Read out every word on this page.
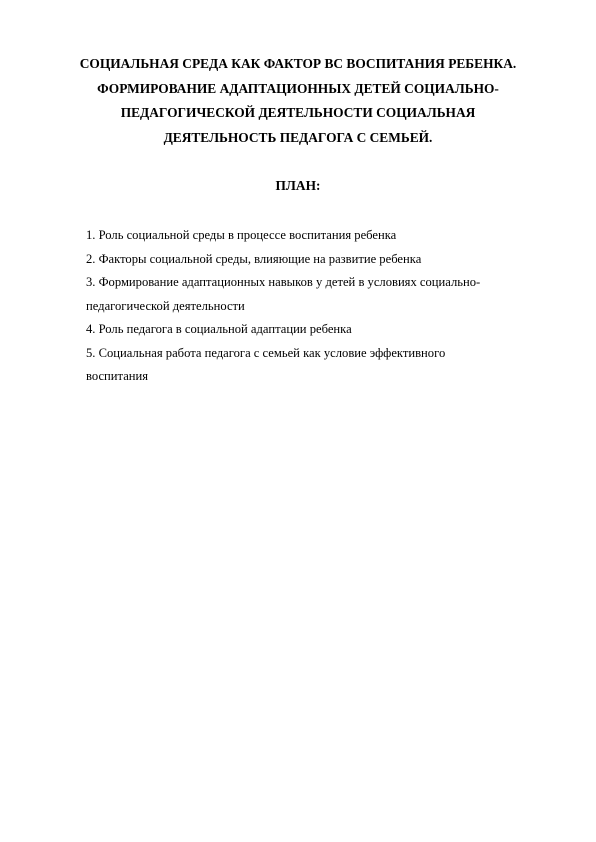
СОЦИАЛЬНАЯ СРЕДА КАК ФАКТОР ВС ВОСПИТАНИЯ РЕБЕНКА.
ФОРМИРОВАНИЕ АДАПТАЦИОННЫХ ДЕТЕЙ СОЦИАЛЬНО-
ПЕДАГОГИЧЕСКОЙ ДЕЯТЕЛЬНОСТИ СОЦИАЛЬНАЯ
ДЕЯТЕЛЬНОСТЬ ПЕДАГОГА С СЕМЬЕЙ.
ПЛАН:
1. Роль социальной среды в процессе воспитания ребенка
2. Факторы социальной среды, влияющие на развитие ребенка
3. Формирование адаптационных навыков у детей в условиях социально-
педагогической деятельности
4. Роль педагога в социальной адаптации ребенка
5. Социальная работа педагога с семьей как условие эффективного
воспитания
